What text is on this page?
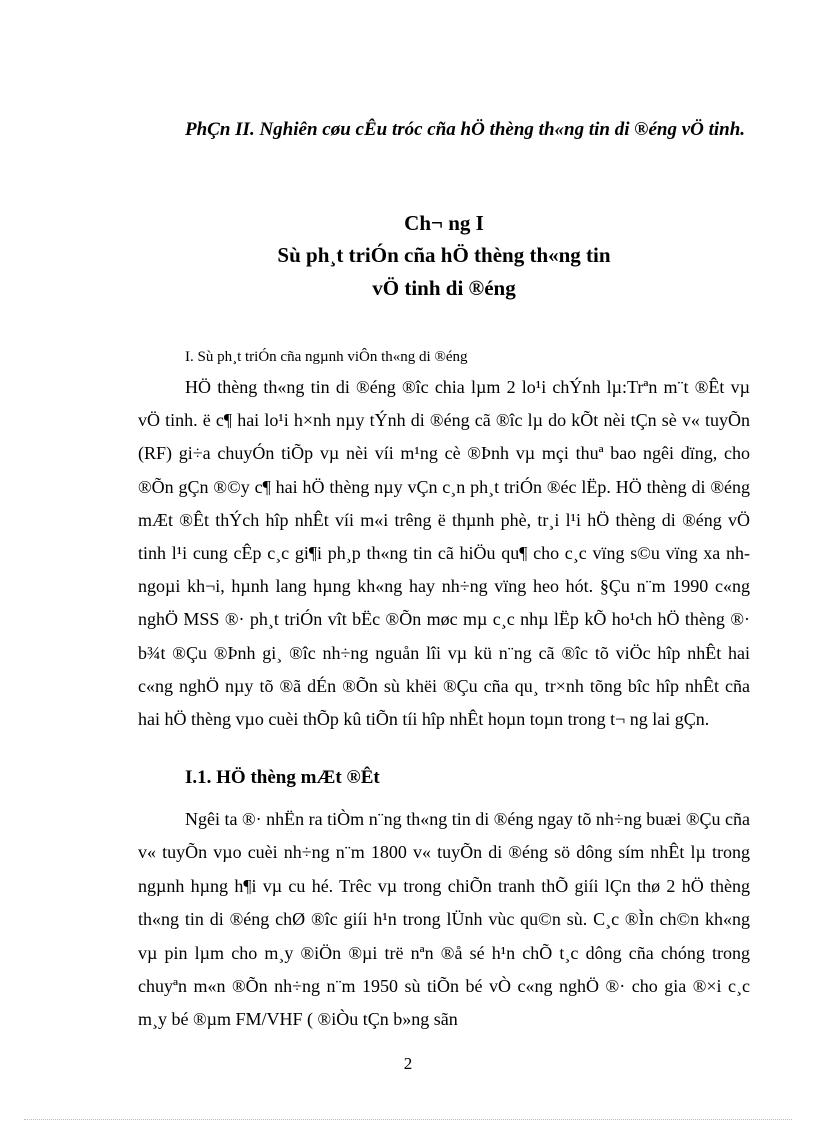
PhÇn II. Nghiên cøu cÊu tróc cña hÖ thèng th«ng tin di ®éng vÖ tinh.
Ch¬ ng I
Sù ph¸t triÓn cña hÖ thèng th«ng tin
vÖ tinh di ®éng
I. Sù ph¸t triÓn cña ngµnh viÔn th«ng di ®éng

HÖ thèng th«ng tin di ®éng ®îc chia lµm 2 lo¹i chÝnh lµ:Trªn m¨t ®Êt vµ vÖ tinh. ë c¶ hai lo¹i h×nh nµy tÝnh di ®éng cã ®îc lµ do kÕt nèi tÇn sè v« tuyÕn (RF) gi÷a chuyÓn tiÕp vµ nèi víi m¹ng cè ®Þnh vµ mçi thuª bao ngêi dïng, cho ®Õn gÇn ®©y c¶ hai hÖ thèng nµy vÇn c¸n ph¸t triÓn ®éc lËp. HÖ thèng di ®éng mÆt ®Êt thÝch hîp nhÊt víi m«i trêng ë thµnh phè, tr¸i l¹i hÖ thèng di ®éng vÖ tinh l¹i cung cÊp c¸c gi¶i ph¸p th«ng tin cã hiÖu qu¶ cho c¸c vïng s©u vïng xa nh ngoµi kh¬i, hµnh lang hµng kh«ng hay nh÷ng vïng heo hót. §Çu n¨m 1990 c«ng nghÖ MSS ®· ph¸t triÓn vît bËc ®Õn møc mµ c¸c nhµ lËp kÕ ho¹ch hÖ thèng ®· b¾t ®Çu ®Þnh gi¸ ®îc nh÷ng nguån lîi vµ kü n¨ng cã ®îc tõ viÖc hîp nhÊt hai c«ng nghÖ nµy tõ ®ã dÉn ®Õn sù khëi ®Çu cña qu¸ tr×nh tõng bîc hîp nhÊt cña hai hÖ thèng vµo cuèi thÕp kû tiÕn tíi hîp nhÊt hoµn toµn trong t¬ ng lai gÇn.

I.1. HÖ thèng mÆt ®Êt

Ngêi ta ®· nhËn ra tiÒm n¨ng th«ng tin di ®éng ngay tõ nh÷ng buæi ®Çu cña v« tuyÕn vµo cuèi nh÷ng n¨m 1800 v« tuyÕn di ®éng sö dông sím nhÊt lµ trong ngµnh hµng h¶i vµ cu hé. Trêc vµ trong chiÕn tranh thÕ giíi lÇn thø 2 hÖ thèng th«ng tin di ®éng chØ ®îc giíi h¹n trong lÜnh vùc qu©n sù. C¸c ®Ìn ch©n kh«ng vµ pin lµm cho m¸y ®iÖn ®µi trë nªn ®å sé h¹n chÕ t¸c dông cña chóng trong chuyªn m«n ®Õn nh÷ng n¨m 1950 sù tiÕn bé vÒ c«ng nghÖ ®· cho gia ®×i c¸c m¸y bé ®µm FM/VHF ( ®iÒu tÇn b»ng sãn

2
